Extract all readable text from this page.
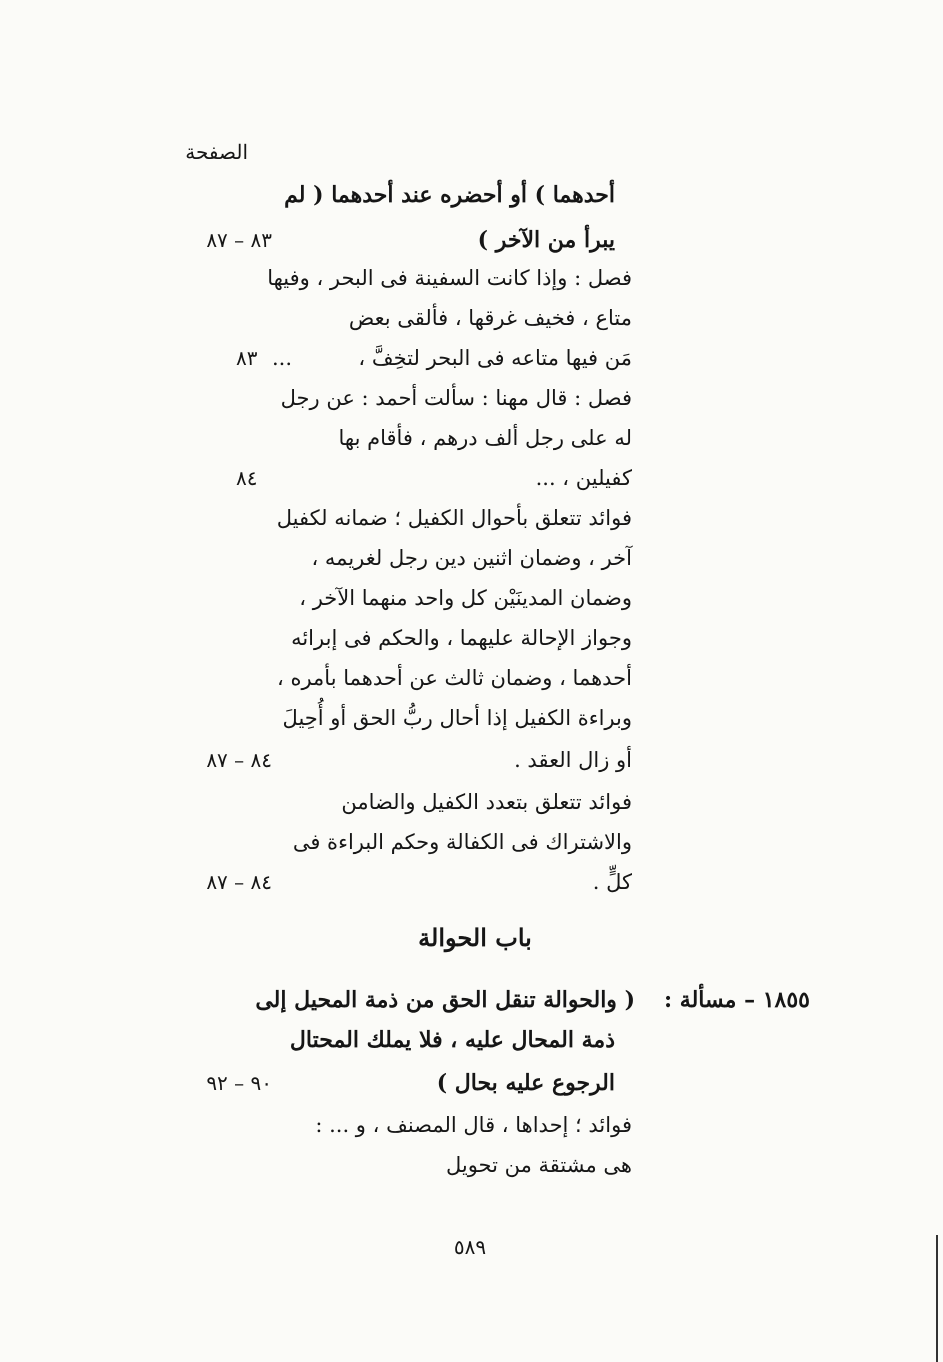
الصفحة
أحدهما ) أو أحضره عند أحدهما ( لم
يبرأ من الآخر )
٨٣ – ٨٧
فصل : وإذا كانت السفينة فى البحر ، وفيها
متاع ، فخيف غرقها ، فألقى بعض
مَن فيها متاعه فى البحر لتخِفَّ ،
...
٨٣
فصل : قال مهنا : سألت أحمد : عن رجل
له على رجل ألف درهم ، فأقام بها
كفيلين ، ...
٨٤
فوائد تتعلق بأحوال الكفيل ؛ ضمانه لكفيل
آخر ، وضمان اثنين دين رجل لغريمه ،
وضمان المدينَيْن كل واحد منهما الآخر ،
وجواز الإحالة عليهما ، والحكم فى إبرائه
أحدهما ، وضمان ثالث عن أحدهما بأمره ،
وبراءة الكفيل إذا أحال ربُّ الحق أو أُحِيلَ
أو زال العقد .
٨٤ – ٨٧
فوائد تتعلق بتعدد الكفيل والضامن
والاشتراك فى الكفالة وحكم البراءة فى
كلٍّ .
٨٤ – ٨٧
باب الحوالة
١٨٥٥ – مسألة :
( والحوالة تنقل الحق من ذمة المحيل إلى
ذمة المحال عليه ، فلا يملك المحتال
الرجوع عليه بحال )
٩٠ – ٩٢
فوائد ؛ إحداها ، قال المصنف ، و ... :
هى مشتقة من تحويل
٥٨٩
